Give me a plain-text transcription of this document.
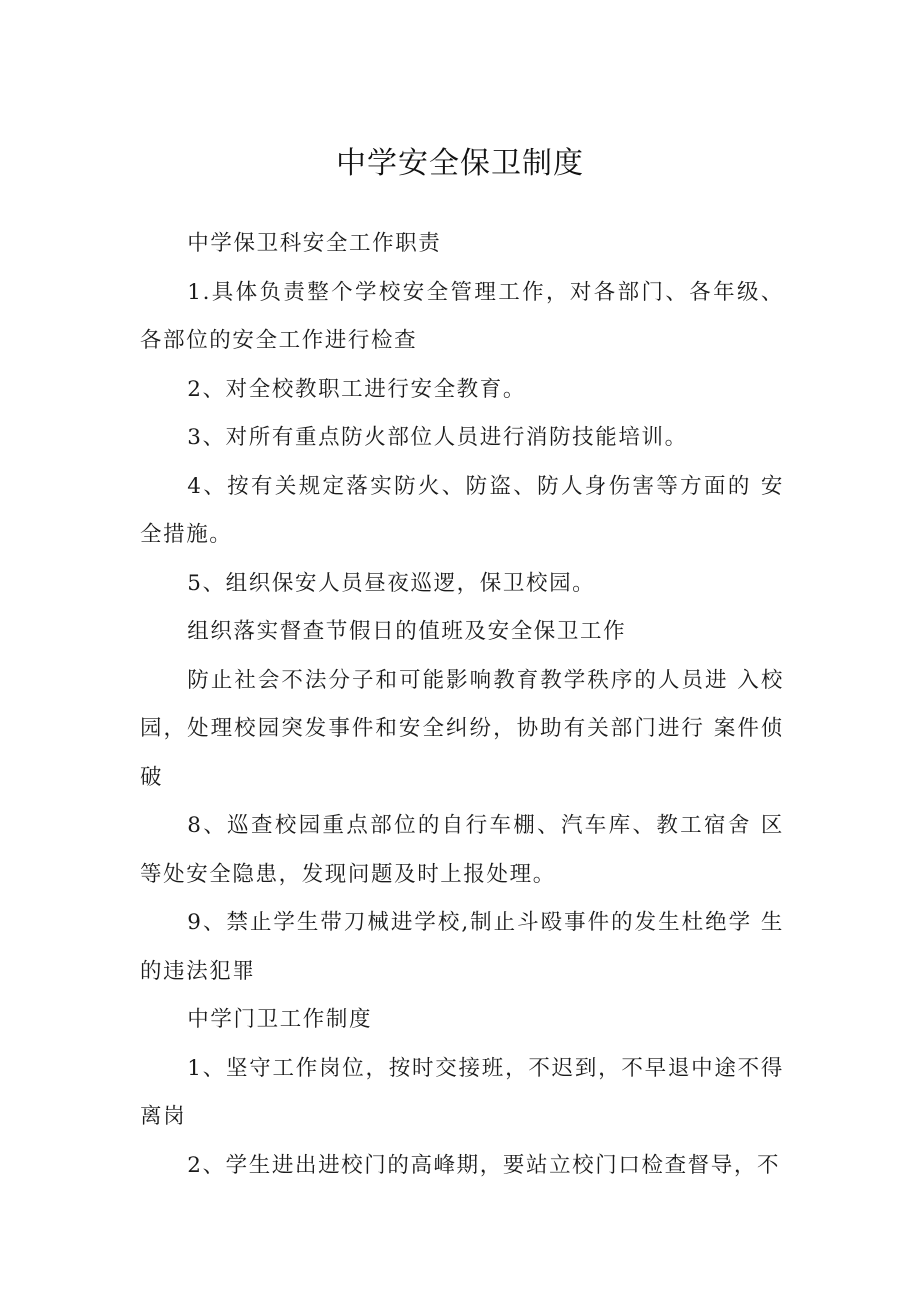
中学安全保卫制度

中学保卫科安全工作职责

1.具体负责整个学校安全管理工作，对各部门、各年级、各部位的安全工作进行检查

2、对全校教职工进行安全教育。

3、对所有重点防火部位人员进行消防技能培训。

4、按有关规定落实防火、防盗、防人身伤害等方面的 安全措施。

5、组织保安人员昼夜巡逻，保卫校园。

组织落实督查节假日的值班及安全保卫工作

防止社会不法分子和可能影响教育教学秩序的人员进 入校园，处理校园突发事件和安全纠纷，协助有关部门进行 案件侦破

8、巡查校园重点部位的自行车棚、汽车库、教工宿舍 区等处安全隐患，发现问题及时上报处理。

9、禁止学生带刀械进学校,制止斗殴事件的发生杜绝学 生的违法犯罪

中学门卫工作制度

1、坚守工作岗位，按时交接班，不迟到，不早退中途不得离岗

2、学生进出进校门的高峰期，要站立校门口检查督导，不
